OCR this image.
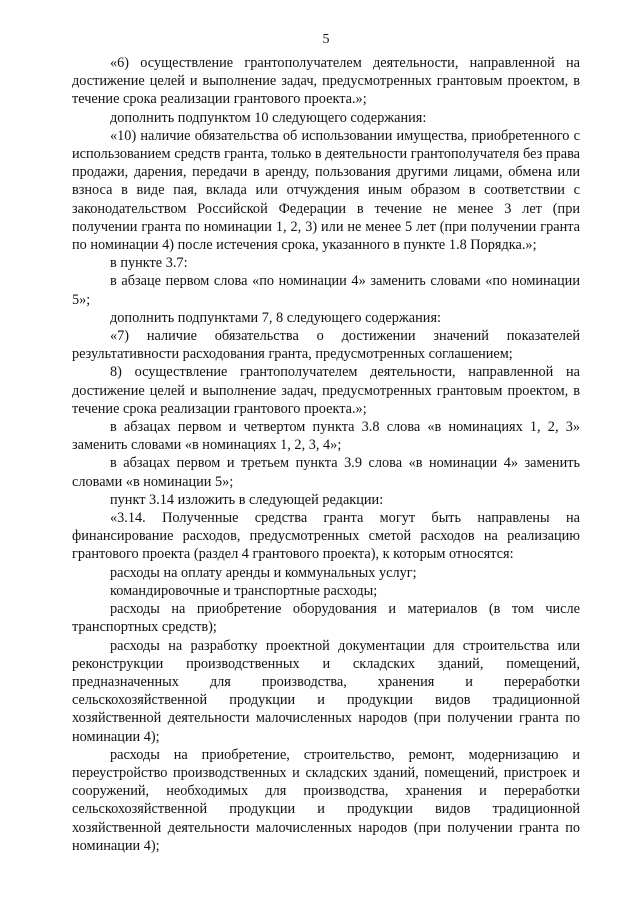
5

«6) осуществление грантополучателем деятельности, направленной на достижение целей и выполнение задач, предусмотренных грантовым проектом, в течение срока реализации грантового проекта.»;

дополнить подпунктом 10 следующего содержания:

«10) наличие обязательства об использовании имущества, приобретенного с использованием средств гранта, только в деятельности грантополучателя без права продажи, дарения, передачи в аренду, пользования другими лицами, обмена или взноса в виде пая, вклада или отчуждения иным образом в соответствии с законодательством Российской Федерации в течение не менее 3 лет (при получении гранта по номинации 1, 2, 3) или не менее 5 лет (при получении гранта по номинации 4) после истечения срока, указанного в пункте 1.8 Порядка.»;

в пункте 3.7:

в абзаце первом слова «по номинации 4» заменить словами «по номинации 5»;

дополнить подпунктами 7, 8 следующего содержания:

«7) наличие обязательства о достижении значений показателей результативности расходования гранта, предусмотренных соглашением;

8) осуществление грантополучателем деятельности, направленной на достижение целей и выполнение задач, предусмотренных грантовым проектом, в течение срока реализации грантового проекта.»;

в абзацах первом и четвертом пункта 3.8 слова «в номинациях 1, 2, 3» заменить словами «в номинациях 1, 2, 3, 4»;

в абзацах первом и третьем пункта 3.9 слова «в номинации 4» заменить словами «в номинации 5»;

пункт 3.14 изложить в следующей редакции:

«3.14. Полученные средства гранта могут быть направлены на финансирование расходов, предусмотренных сметой расходов на реализацию грантового проекта (раздел 4 грантового проекта), к которым относятся:

расходы на оплату аренды и коммунальных услуг;

командировочные и транспортные расходы;

расходы на приобретение оборудования и материалов (в том числе транспортных средств);

расходы на разработку проектной документации для строительства или реконструкции производственных и складских зданий, помещений, предназначенных для производства, хранения и переработки сельскохозяйственной продукции и продукции видов традиционной хозяйственной деятельности малочисленных народов (при получении гранта по номинации 4);

расходы на приобретение, строительство, ремонт, модернизацию и переустройство производственных и складских зданий, помещений, пристроек и сооружений, необходимых для производства, хранения и переработки сельскохозяйственной продукции и продукции видов традиционной хозяйственной деятельности малочисленных народов (при получении гранта по номинации 4);
